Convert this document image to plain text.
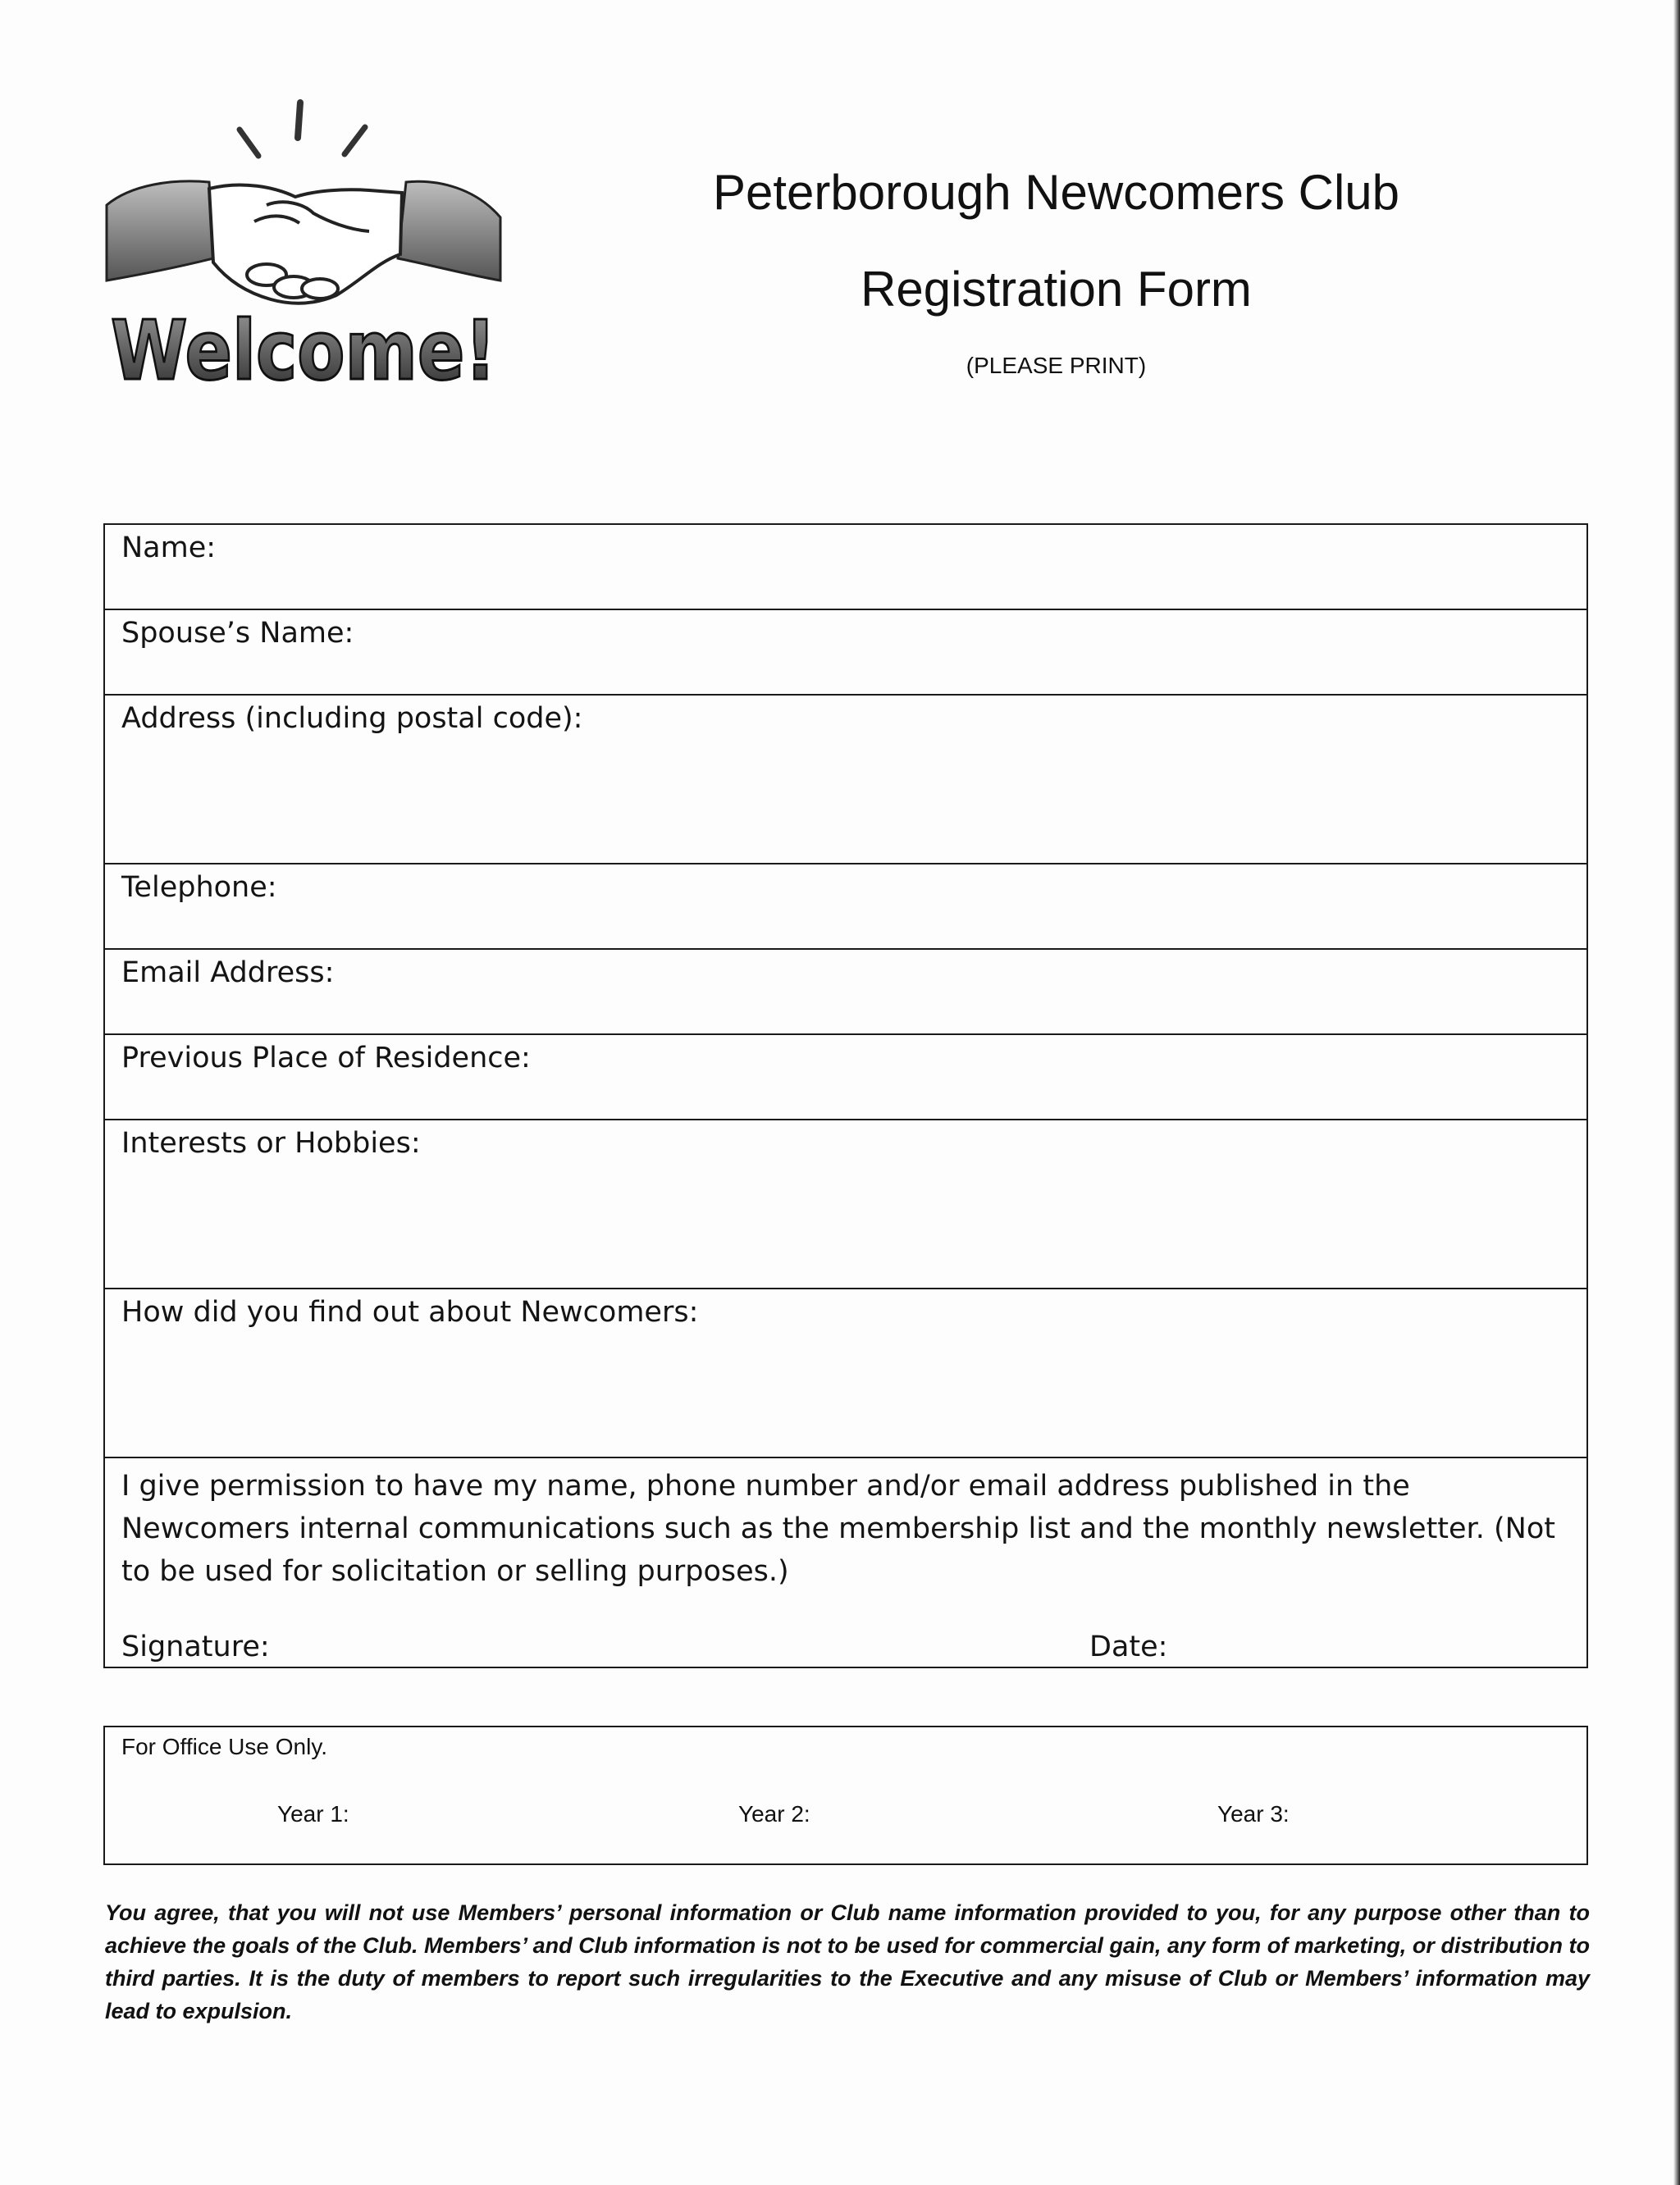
Welcome!
Peterborough Newcomers Club
Registration Form
(PLEASE PRINT)
Name:
Spouse’s Name:
Address (including postal code):
Telephone:
Email Address:
Previous Place of Residence:
Interests or Hobbies:
How did you find out about Newcomers:
I give permission to have my name, phone number and/or email address published in the Newcomers internal communications such as the membership list and the monthly newsletter. (Not to be used for solicitation or selling purposes.)
Signature:	Date:
For Office Use Only.
Year 1:	Year 2:	Year 3:
You agree, that you will not use Members’ personal information or Club name information provided to you, for any purpose other than to achieve the goals of the Club. Members’ and Club information is not to be used for commercial gain, any form of marketing, or distribution to third parties. It is the duty of members to report such irregularities to the Executive and any misuse of Club or Members’ information may lead to expulsion.
